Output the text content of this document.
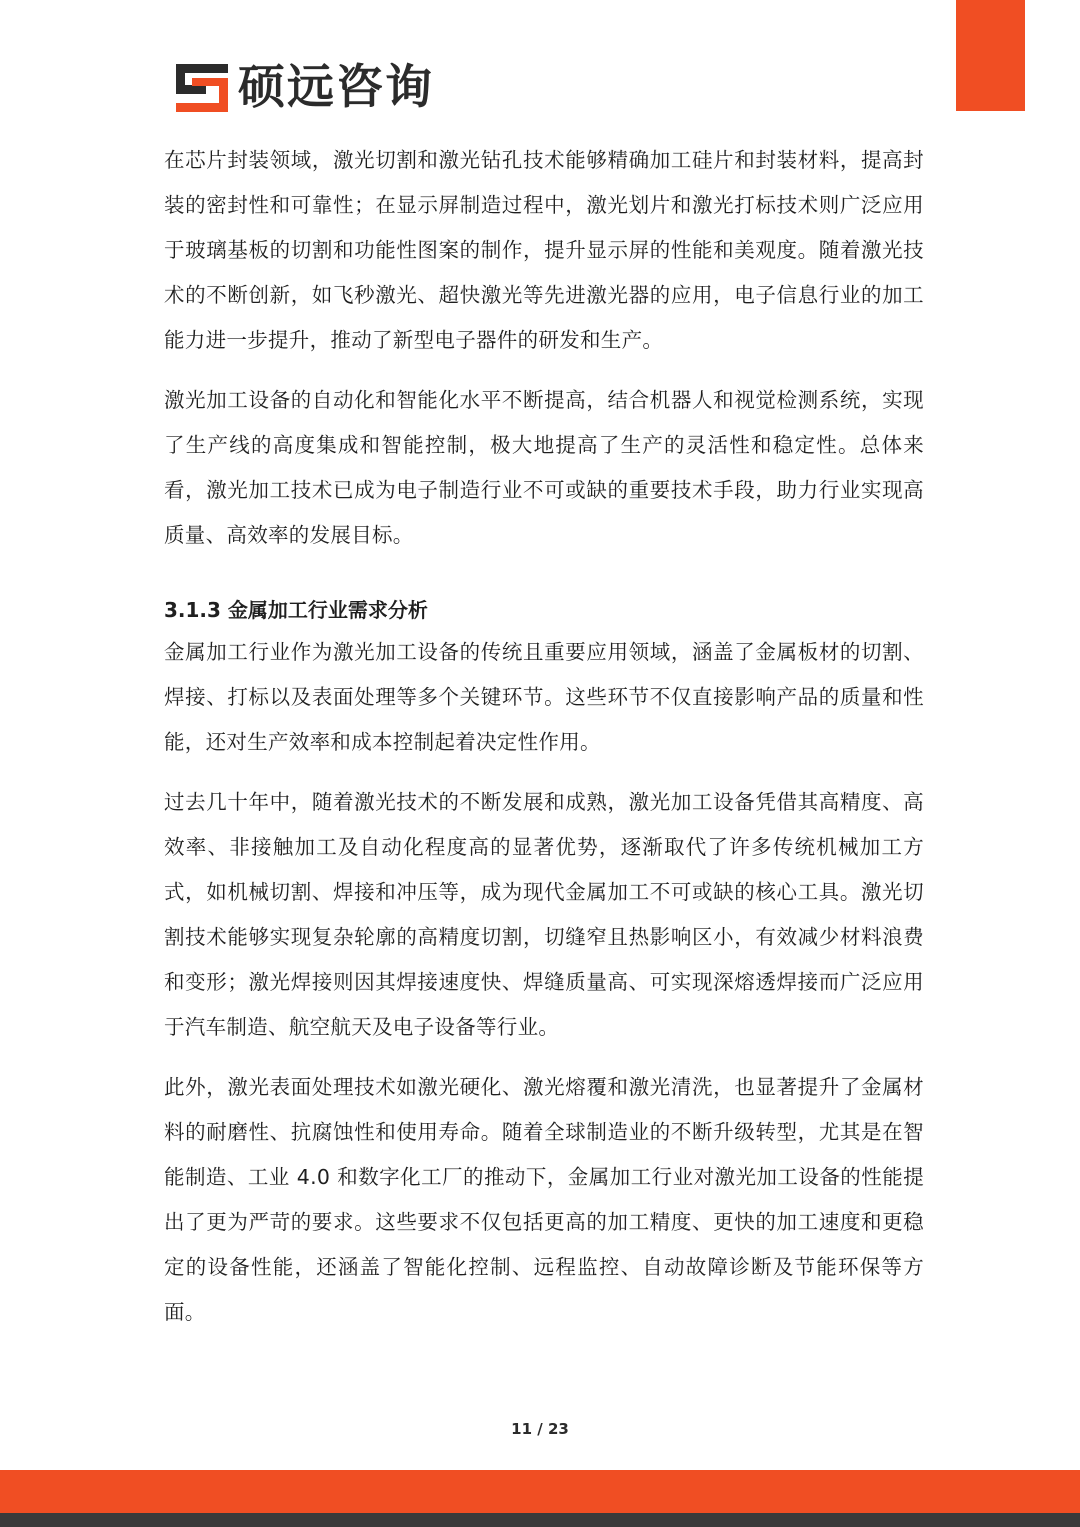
硕远咨询

在芯片封装领域，激光切割和激光钻孔技术能够精确加工硅片和封装材料，提高封装的密封性和可靠性；在显示屏制造过程中，激光划片和激光打标技术则广泛应用于玻璃基板的切割和功能性图案的制作，提升显示屏的性能和美观度。随着激光技术的不断创新，如飞秒激光、超快激光等先进激光器的应用，电子信息行业的加工能力进一步提升，推动了新型电子器件的研发和生产。

激光加工设备的自动化和智能化水平不断提高，结合机器人和视觉检测系统，实现了生产线的高度集成和智能控制，极大地提高了生产的灵活性和稳定性。总体来看，激光加工技术已成为电子制造行业不可或缺的重要技术手段，助力行业实现高质量、高效率的发展目标。

3.1.3 金属加工行业需求分析

金属加工行业作为激光加工设备的传统且重要应用领域，涵盖了金属板材的切割、焊接、打标以及表面处理等多个关键环节。这些环节不仅直接影响产品的质量和性能，还对生产效率和成本控制起着决定性作用。

过去几十年中，随着激光技术的不断发展和成熟，激光加工设备凭借其高精度、高效率、非接触加工及自动化程度高的显著优势，逐渐取代了许多传统机械加工方式，如机械切割、焊接和冲压等，成为现代金属加工不可或缺的核心工具。激光切割技术能够实现复杂轮廓的高精度切割，切缝窄且热影响区小，有效减少材料浪费和变形；激光焊接则因其焊接速度快、焊缝质量高、可实现深熔透焊接而广泛应用于汽车制造、航空航天及电子设备等行业。

此外，激光表面处理技术如激光硬化、激光熔覆和激光清洗，也显著提升了金属材料的耐磨性、抗腐蚀性和使用寿命。随着全球制造业的不断升级转型，尤其是在智能制造、工业 4.0 和数字化工厂的推动下，金属加工行业对激光加工设备的性能提出了更为严苛的要求。这些要求不仅包括更高的加工精度、更快的加工速度和更稳定的设备性能，还涵盖了智能化控制、远程监控、自动故障诊断及节能环保等方面。

11 / 23
